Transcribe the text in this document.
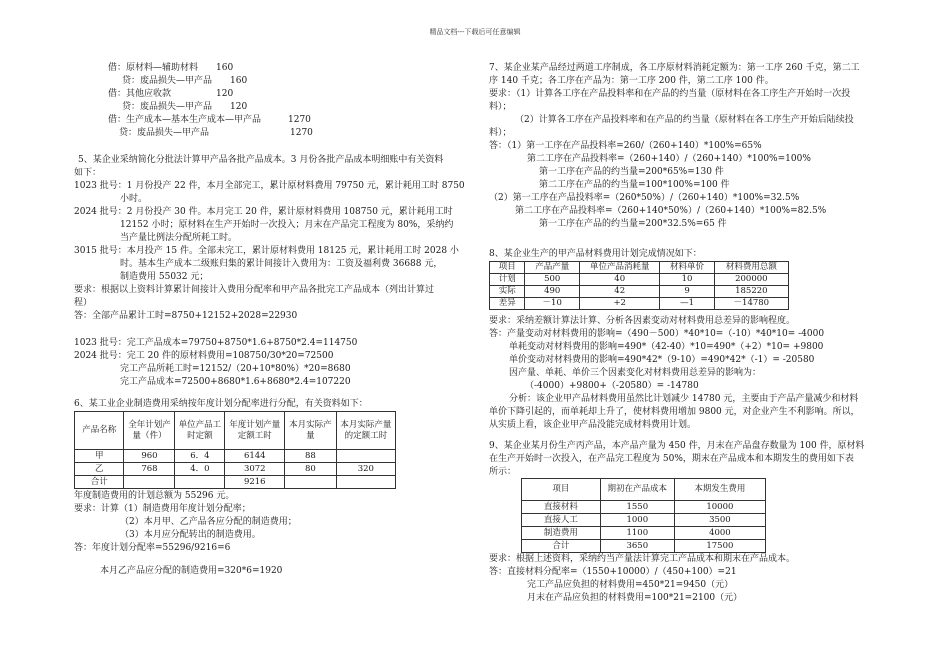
精品文档---下载后可任意编辑
借：原材料—辅助材料　　160
贷：废品损失—甲产品　　160
借：其他应收款　　　　　120
贷：废品损失—甲产品　　120
借：生产成本—基本生产成本—甲产品　　　1270
贷：废品损失—甲产品　　　　　　　　　1270
5、某企业采纳简化分批法计算甲产品各批产品成本。3 月份各批产品成本明细账中有关资料
如下：
1023 批号：1 月份投产 22 件，本月全部完工，累计原材料费用 79750 元，累计耗用工时 8750
小时。
2024 批号：2 月份投产 30 件。本月完工 20 件，累计原材料费用 108750 元，累计耗用工时
12152 小时；原材料在生产开始时一次投入；月末在产品完工程度为 80%，采纳约
当产量比例法分配所耗工时。
3015 批号：本月投产 15 件。全部未完工，累计原材料费用 18125 元，累计耗用工时 2028 小
时。基本生产成本二级账归集的累计间接计入费用为：工资及福利费 36688 元，
制造费用 55032 元；
要求：根据以上资料计算累计间接计入费用分配率和甲产品各批完工产品成本（列出计算过
程）
答：全部产品累计工时=8750+12152+2028=22930
1023 批号：完工产品成本=79750+8750*1.6+8750*2.4=114750
2024 批号：完工 20 件的原材料费用=108750/30*20=72500
完工产品所耗工时=12152/（20+10*80%）*20=8680
完工产品成本=72500+8680*1.6+8680*2.4=107220
6、某工业企业制造费用采纳按年度计划分配率进行分配，有关资料如下：
产品名称	全年计划产量（件）	单位产品工时定额	年度计划产量定额工时	本月实际产量	本月实际产量的定额工时
甲	960	6．4	6144	88	
乙	768	4．0	3072	80	320
合计			9216		
年度制造费用的计划总额为 55296 元。
要求：计算（1）制造费用年度计划分配率；
（2）本月甲、乙产品各应分配的制造费用；
（3）本月应分配转出的制造费用。
答：年度计划分配率=55296/9216=6
本月乙产品应分配的制造费用=320*6=1920
7、某企业某产品经过两道工序制成，各工序原材料消耗定额为：第一工序 260 千克，第二工
序 140 千克；各工序在产品为：第一工序 200 件，第二工序 100 件。
要求：（1）计算各工序在产品投料率和在产品的约当量（原材料在各工序生产开始时一次投
料）；
（2）计算各工序在产品投料率和在产品的约当量（原材料在各工序生产开始后陆续投
料）；
答：（1）第一工序在产品投料率=260/（260+140）*100%=65%
第二工序在产品投料率=（260+140）/（260+140）*100%=100%
第一工序在产品的约当量=200*65%=130 件
第二工序在产品的约当量=100*100%=100 件
（2）第一工序在产品投料率=（260*50%）/（260+140）*100%=32.5%
第二工序在产品投料率=（260+140*50%）/（260+140）*100%=82.5%
第一工序在产品的约当量=200*32.5%=65 件
8、某企业生产的甲产品材料费用计划完成情况如下：
项目	产品产量	单位产品消耗量	材料单价	材料费用总额
计划	500	40	10	200000
实际	490	42	9	185220
差异	－10	+2	—1	－14780
要求：采纳差额计算法计算、分析各因素变动对材料费用总差异的影响程度。
答：产量变动对材料费用的影响=（490－500）*40*10=（-10）*40*10= -4000
单耗变动对材料费用的影响=490*（42-40）*10=490*（+2）*10= +9800
单价变动对材料费用的影响=490*42*（9-10）=490*42*（-1）= -20580
因产量、单耗、单价三个因素变化对材料费用总差异的影响为：
（-4000）+9800+（-20580）= -14780
分析：该企业甲产品材料费用虽然比计划减少 14780 元，主要由于产品产量减少和材料
单价下降引起的，而单耗却上升了，使材料费用增加 9800 元，对企业产生不利影响。所以，
从实质上看，该企业甲产品没能完成材料费用计划。
9、某企业某月份生产丙产品，本产品产量为 450 件，月末在产品盘存数量为 100 件，原材料
在生产开始时一次投入，在产品完工程度为 50%，期末在产品成本和本期发生的费用如下表
所示：
项目	期初在产品成本	本期发生费用
直接材料	1550	10000
直接人工	1000	3500
制造费用	1100	4000
合计	3650	17500
要求：根据上述资料，采纳约当产量法计算完工产品成本和期末在产品成本。
答：直接材料分配率=（1550+10000）/（450+100）=21
完工产品应负担的材料费用=450*21=9450（元）
月末在产品应负担的材料费用=100*21=2100（元）
